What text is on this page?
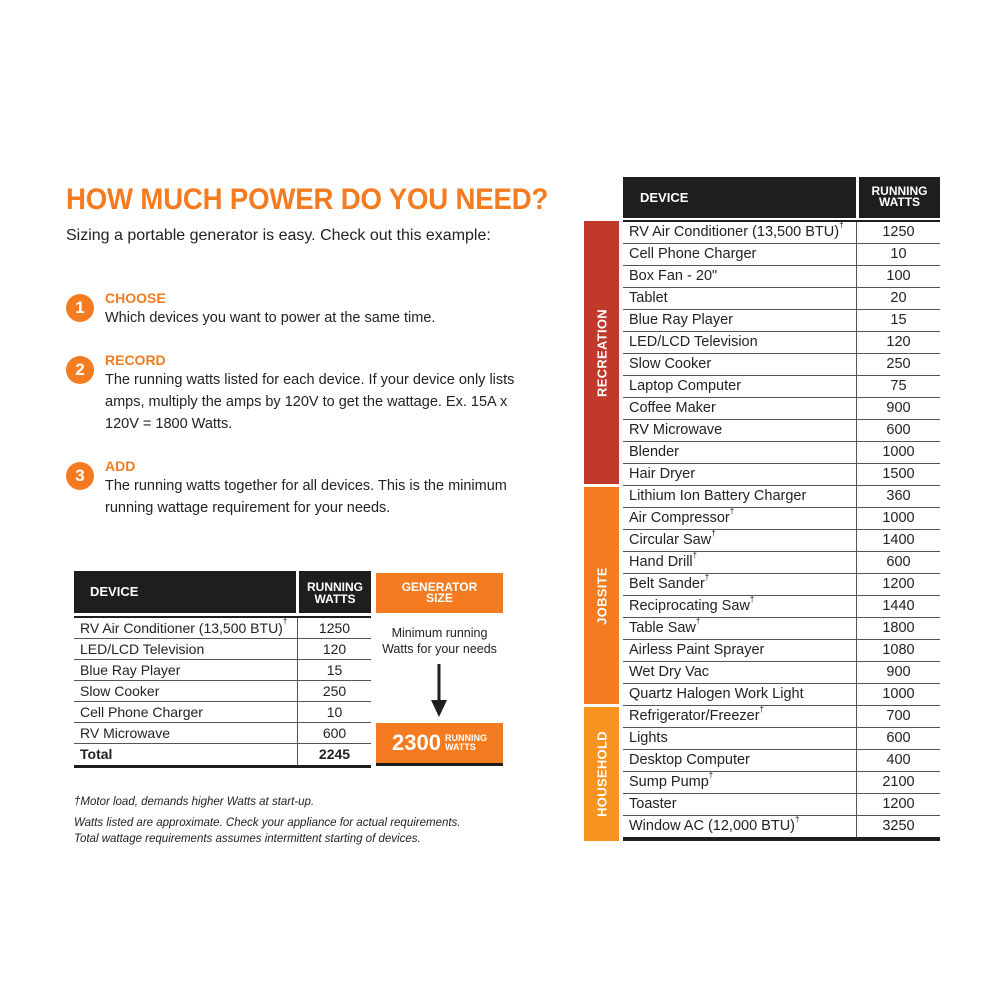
HOW MUCH POWER DO YOU NEED?
Sizing a portable generator is easy. Check out this example:
1	CHOOSE
Which devices you want to power at the same time.
2	RECORD
The running watts listed for each device. If your device only lists amps, multiply the amps by 120V to get the wattage. Ex. 15A x 120V = 1800 Watts.
3	ADD
The running watts together for all devices. This is the minimum running wattage requirement for your needs.
DEVICE	RUNNING
WATTS
RV Air Conditioner (13,500 BTU)†	1250
LED/LCD Television	120
Blue Ray Player	15
Slow Cooker	250
Cell Phone Charger	10
RV Microwave	600
Total	2245
GENERATOR
SIZE
Minimum running Watts for your needs
2300 RUNNING
WATTS
†Motor load, demands higher Watts at start-up.
Watts listed are approximate. Check your appliance for actual requirements.
Total wattage requirements assumes intermittent starting of devices.
DEVICE	RUNNING
WATTS
RECREATION
JOBSITE
HOUSEHOLD
RV Air Conditioner (13,500 BTU)†	1250
Cell Phone Charger	10
Box Fan - 20"	100
Tablet	20
Blue Ray Player	15
LED/LCD Television	120
Slow Cooker	250
Laptop Computer	75
Coffee Maker	900
RV Microwave	600
Blender	1000
Hair Dryer	1500
Lithium Ion Battery Charger	360
Air Compressor†	1000
Circular Saw†	1400
Hand Drill†	600
Belt Sander†	1200
Reciprocating Saw†	1440
Table Saw†	1800
Airless Paint Sprayer	1080
Wet Dry Vac	900
Quartz Halogen Work Light	1000
Refrigerator/Freezer†	700
Lights	600
Desktop Computer	400
Sump Pump†	2100
Toaster	1200
Window AC (12,000 BTU)†	3250
